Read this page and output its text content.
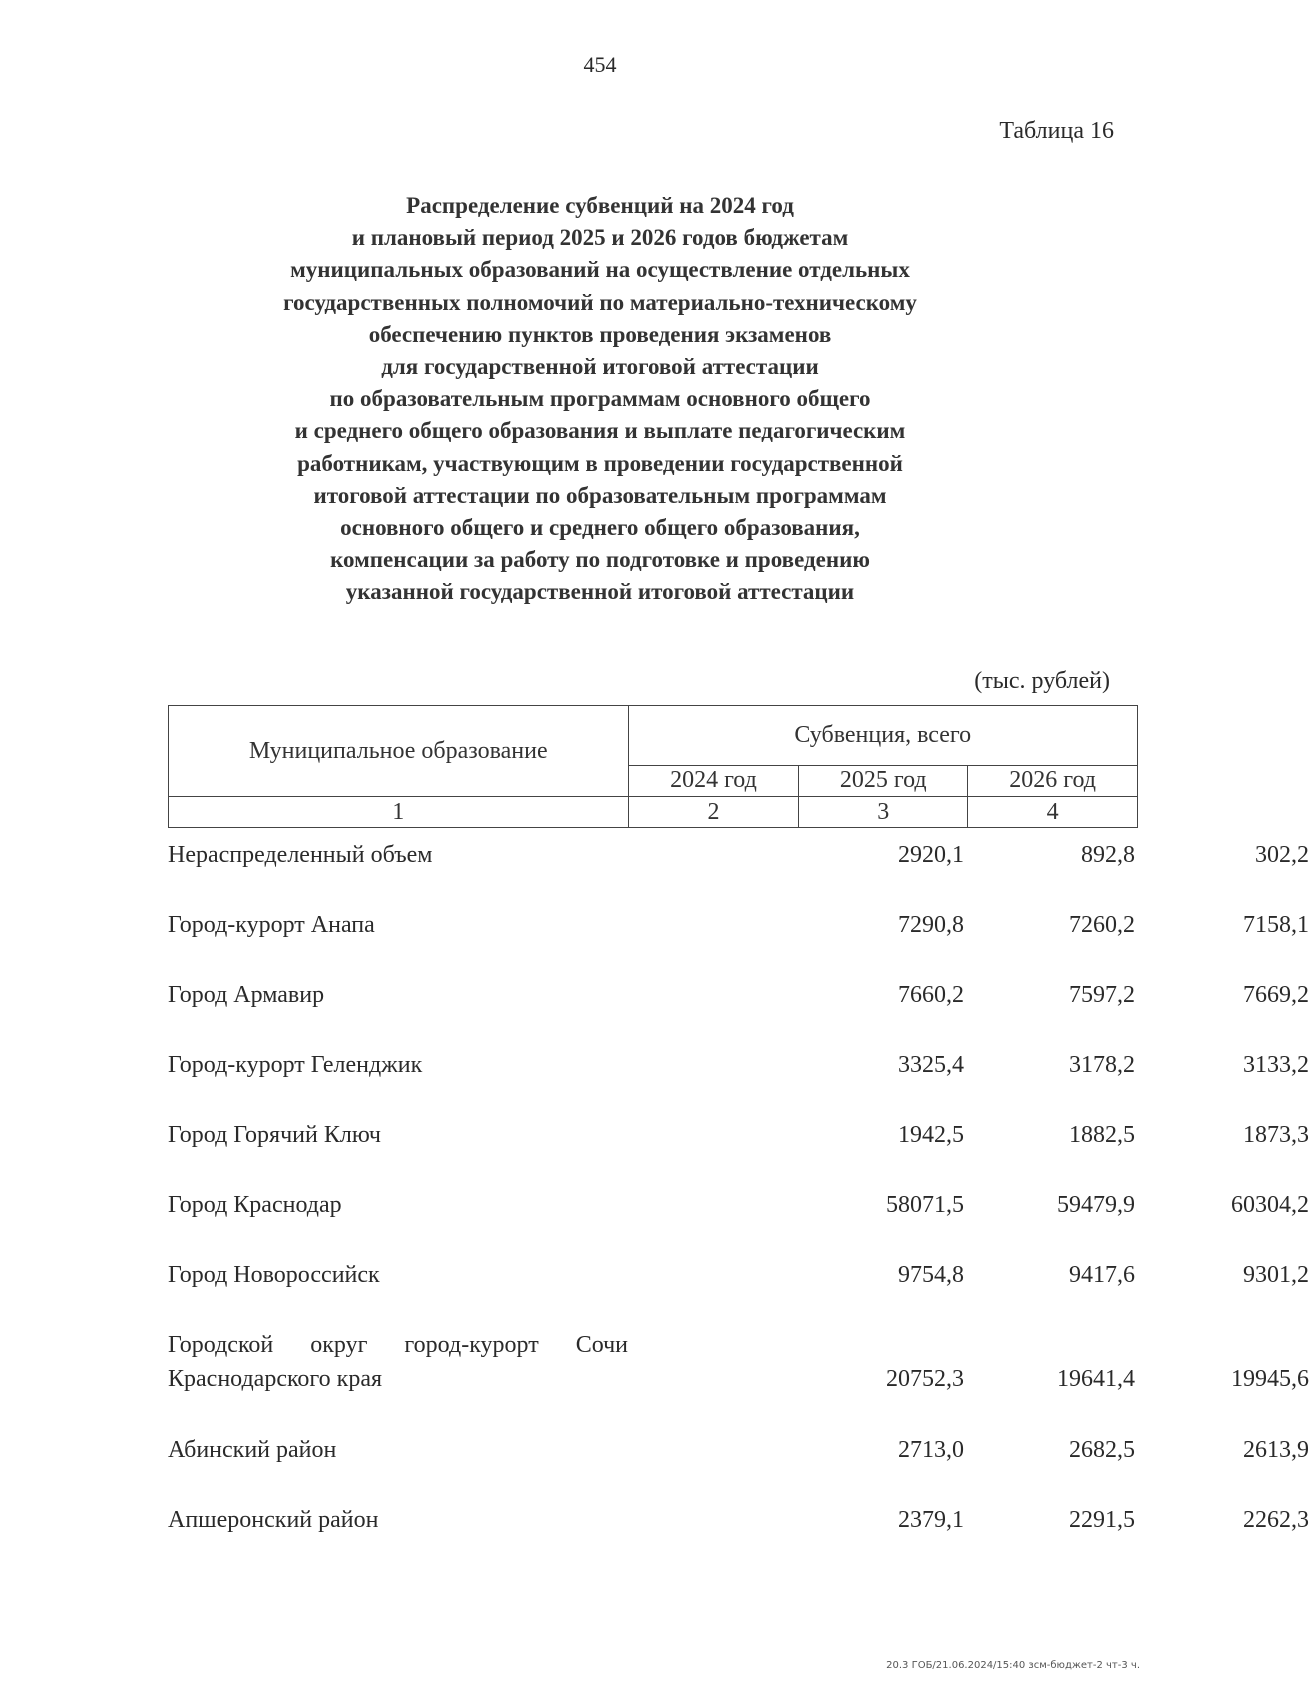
454
Таблица 16
Распределение субвенций на 2024 год
и плановый период 2025 и 2026 годов бюджетам
муниципальных образований на осуществление отдельных
государственных полномочий по материально-техническому
обеспечению пунктов проведения экзаменов
для государственной итоговой аттестации
по образовательным программам основного общего
и среднего общего образования и выплате педагогическим
работникам, участвующим в проведении государственной
итоговой аттестации по образовательным программам
основного общего и среднего общего образования,
компенсации за работу по подготовке и проведению
указанной государственной итоговой аттестации
(тыс. рублей)
Муниципальное образование	Субвенция, всего		
	2024 год	2025 год	2026 год
1	2	3	4
Нераспределенный объем	2920,1	892,8	302,2
Город-курорт Анапа	7290,8	7260,2	7158,1
Город Армавир	7660,2	7597,2	7669,2
Город-курорт Геленджик	3325,4	3178,2	3133,2
Город Горячий Ключ	1942,5	1882,5	1873,3
Город Краснодар	58071,5	59479,9	60304,2
Город Новороссийск	9754,8	9417,6	9301,2
Городской округ город-курорт Сочи Краснодарского края	20752,3	19641,4	19945,6
Абинский район	2713,0	2682,5	2613,9
Апшеронский район	2379,1	2291,5	2262,3
20.3 ГОБ/21.06.2024/15:40 зсм-бюджет-2 чт-3 ч.
